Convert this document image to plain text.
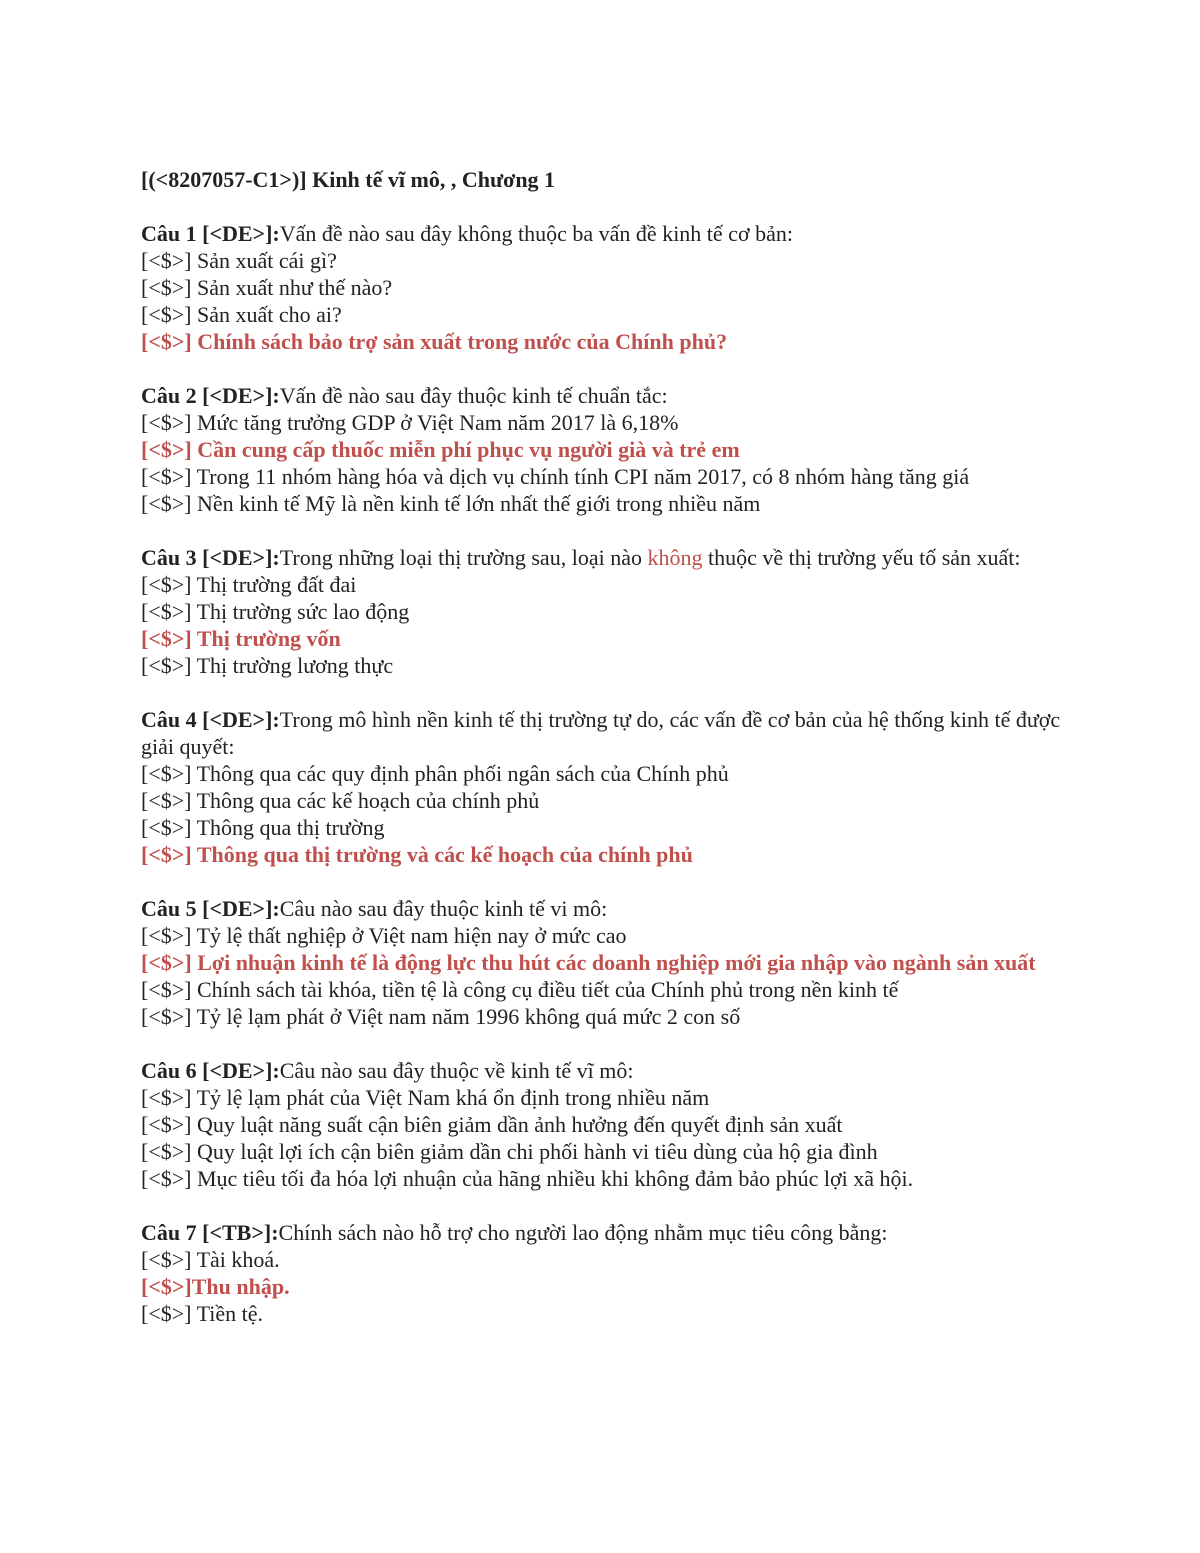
[(<8207057-C1>)] Kinh tế vĩ mô, , Chương 1
Câu 1 [<DE>]:Vấn đề nào sau đây không thuộc ba vấn đề kinh tế cơ bản:
[<$>] Sản xuất cái gì?
[<$>] Sản xuất như thế nào?
[<$>] Sản xuất cho ai?
[<$>] Chính sách bảo trợ sản xuất trong nước của Chính phủ?
Câu 2 [<DE>]:Vấn đề nào sau đây thuộc kinh tế chuẩn tắc:
[<$>] Mức tăng trưởng GDP ở Việt Nam năm 2017 là 6,18%
[<$>] Cần cung cấp thuốc miễn phí phục vụ người già và trẻ em
[<$>] Trong 11 nhóm hàng hóa và dịch vụ chính tính CPI năm 2017, có 8 nhóm hàng tăng giá
[<$>] Nền kinh tế Mỹ là nền kinh tế lớn nhất thế giới trong nhiều năm
Câu 3 [<DE>]:Trong những loại thị trường sau, loại nào không thuộc về thị trường yếu tố sản xuất:
[<$>] Thị trường đất đai
[<$>] Thị trường sức lao động
[<$>] Thị trường vốn
[<$>] Thị trường lương thực
Câu 4 [<DE>]:Trong mô hình nền kinh tế thị trường tự do, các vấn đề cơ bản của hệ thống kinh tế được giải quyết:
[<$>] Thông qua các quy định phân phối ngân sách của Chính phủ
[<$>] Thông qua các kế hoạch của chính phủ
[<$>] Thông qua thị trường
[<$>] Thông qua thị trường và các kế hoạch của chính phủ
Câu 5 [<DE>]:Câu nào sau đây thuộc kinh tế vi mô:
[<$>] Tỷ lệ thất nghiệp ở Việt nam hiện nay ở mức cao
[<$>] Lợi nhuận kinh tế là động lực thu hút các doanh nghiệp mới gia nhập vào ngành sản xuất
[<$>] Chính sách tài khóa, tiền tệ là công cụ điều tiết của Chính phủ trong nền kinh tế
[<$>] Tỷ lệ lạm phát ở Việt nam năm 1996 không quá mức 2 con số
Câu 6 [<DE>]:Câu nào sau đây thuộc về kinh tế vĩ mô:
[<$>] Tỷ lệ lạm phát của Việt Nam khá ổn định trong nhiều năm
[<$>] Quy luật năng suất cận biên giảm dần ảnh hưởng đến quyết định sản xuất
[<$>] Quy luật lợi ích cận biên giảm dần chi phối hành vi tiêu dùng của hộ gia đình
[<$>] Mục tiêu tối đa hóa lợi nhuận của hãng nhiều khi không đảm bảo phúc lợi xã hội.
Câu 7 [<TB>]:Chính sách nào hỗ trợ cho người lao động nhằm mục tiêu công bằng:
[<$>] Tài khoá.
[<$>]Thu nhập.
[<$>] Tiền tệ.
